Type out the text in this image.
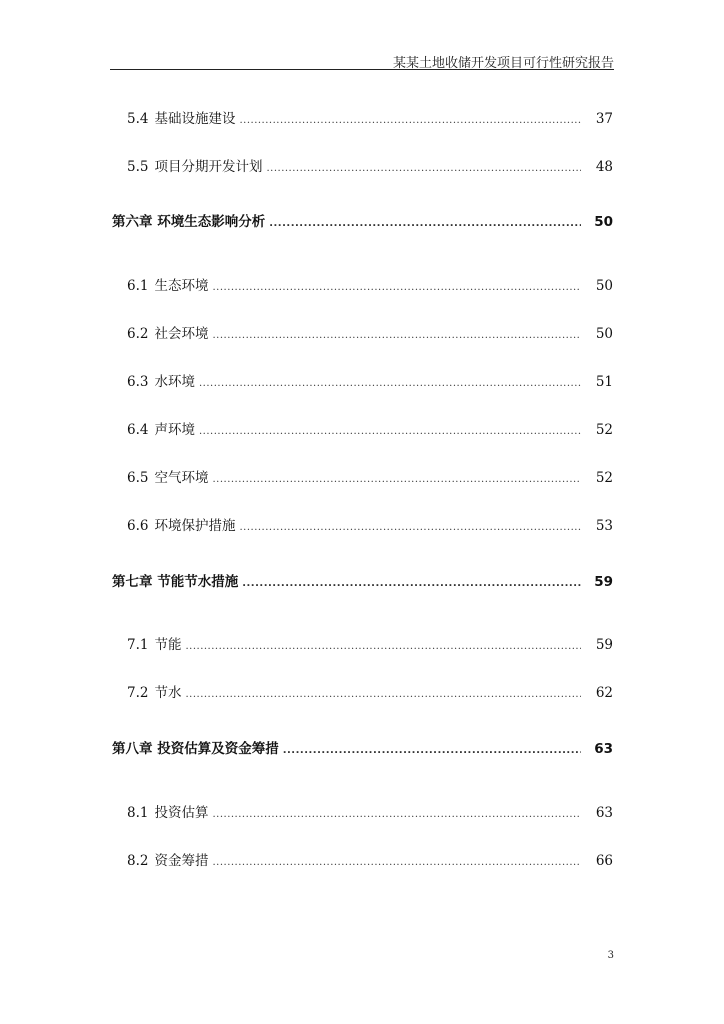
某某土地收储开发项目可行性研究报告
5.4 基础设施建设 .....	37
5.5 项目分期开发计划 .....	48
第六章 环境生态影响分析 .....	50
6.1 生态环境 .....	50
6.2 社会环境 .....	50
6.3 水环境 .....	51
6.4 声环境 .....	52
6.5 空气环境 .....	52
6.6 环境保护措施 .....	53
第七章 节能节水措施 .....	59
7.1 节能 .....	59
7.2 节水 .....	62
第八章 投资估算及资金筹措 .....	63
8.1 投资估算 .....	63
8.2 资金筹措 .....	66
3
